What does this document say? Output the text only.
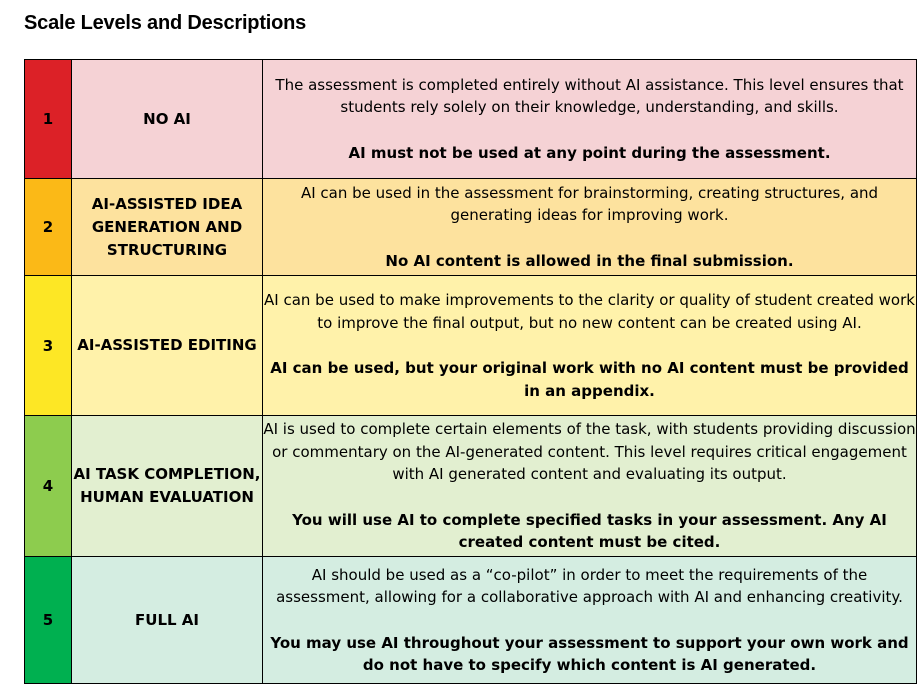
Scale Levels and Descriptions
1	NO AI	The assessment is completed entirely without AI assistance. This level ensures that students rely solely on their knowledge, understanding, and skills.
AI must not be used at any point during the assessment.

2	AI-ASSISTED IDEA GENERATION AND STRUCTURING	AI can be used in the assessment for brainstorming, creating structures, and generating ideas for improving work.
No AI content is allowed in the final submission.

3	AI-ASSISTED EDITING	AI can be used to make improvements to the clarity or quality of student created work to improve the final output, but no new content can be created using AI.
AI can be used, but your original work with no AI content must be provided in an appendix.

4	AI TASK COMPLETION, HUMAN EVALUATION	AI is used to complete certain elements of the task, with students providing discussion or commentary on the AI-generated content. This level requires critical engagement with AI generated content and evaluating its output.
You will use AI to complete specified tasks in your assessment. Any AI created content must be cited.

5	FULL AI	AI should be used as a “co-pilot” in order to meet the requirements of the assessment, allowing for a collaborative approach with AI and enhancing creativity.
You may use AI throughout your assessment to support your own work and do not have to specify which content is AI generated.
